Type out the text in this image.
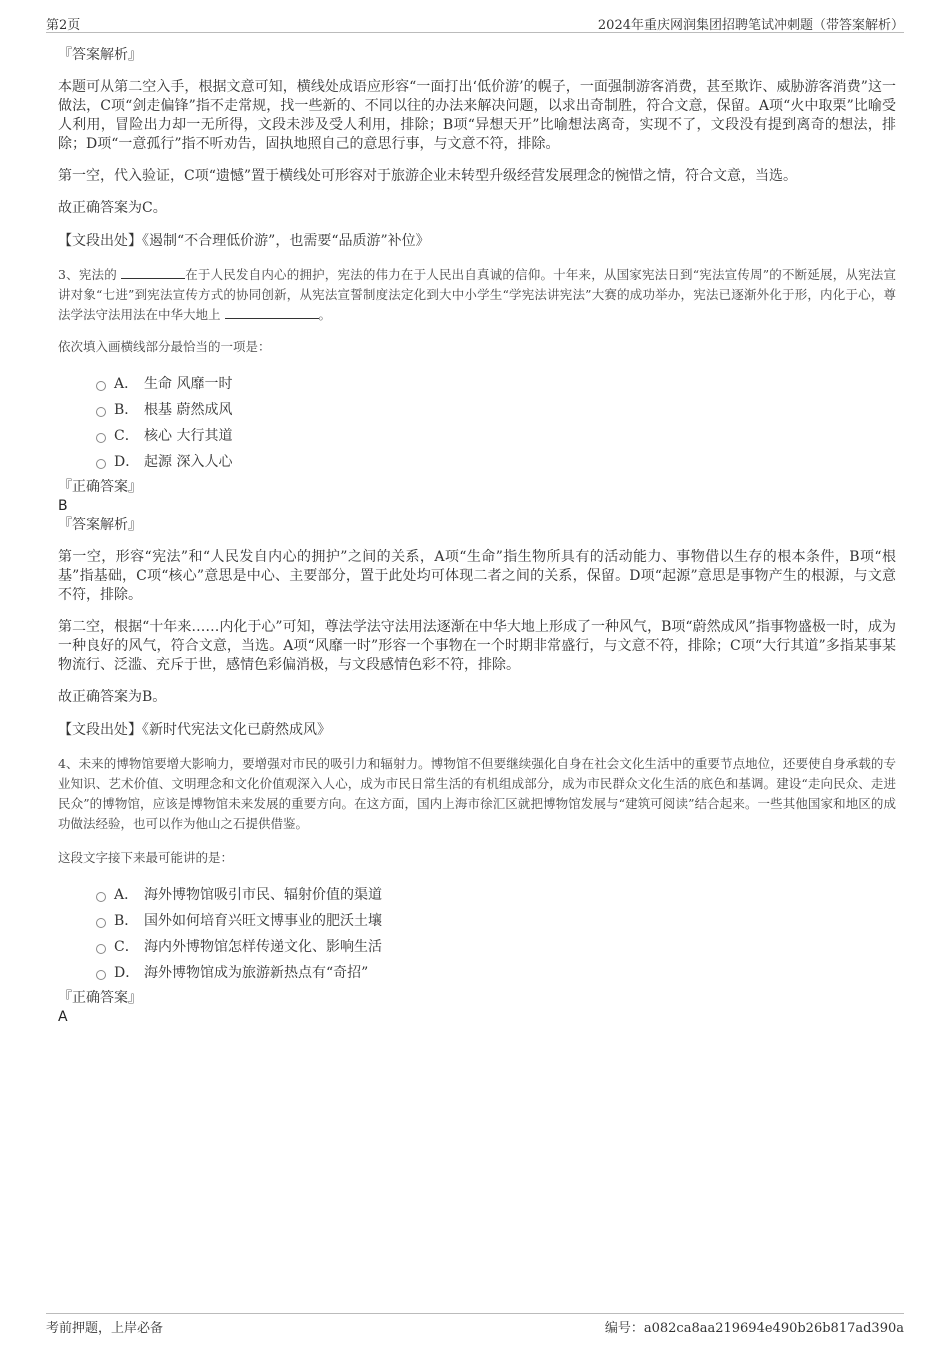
第2页	2024年重庆网润集团招聘笔试冲刺题（带答案解析）
『答案解析』

本题可从第二空入手，根据文意可知，横线处成语应形容“一面打出‘低价游’的幌子，一面强制游客消费，甚至欺诈、威胁游客消费”这一做法，C项“剑走偏锋”指不走常规，找一些新的、不同以往的办法来解决问题，以求出奇制胜，符合文意，保留。A项“火中取栗”比喻受人利用，冒险出力却一无所得，文段未涉及受人利用，排除；B项“异想天开”比喻想法离奇，实现不了，文段没有提到离奇的想法，排除；D项“一意孤行”指不听劝告，固执地照自己的意思行事，与文意不符，排除。

第一空，代入验证，C项“遗憾”置于横线处可形容对于旅游企业未转型升级经营发展理念的惋惜之情，符合文意，当选。

故正确答案为C。

【文段出处】《遏制“不合理低价游”，也需要“品质游”补位》

3、宪法的	在于人民发自内心的拥护，宪法的伟力在于人民出自真诚的信仰。十年来，从国家宪法日到“宪法宣传周”的不断延展，从宪法宣讲对象“七进”到宪法宣传方式的协同创新，从宪法宣誓制度法定化到大中小学生“学宪法讲宪法”大赛的成功举办，宪法已逐渐外化于形，内化于心，尊法学法守法用法在中华大地上	。

依次填入画横线部分最恰当的一项是：

A． 生命 风靡一时
B． 根基 蔚然成风
C． 核心 大行其道
D． 起源 深入人心
『正确答案』
B
『答案解析』

第一空，形容“宪法”和“人民发自内心的拥护”之间的关系，A项“生命”指生物所具有的活动能力、事物借以生存的根本条件，B项“根基”指基础，C项“核心”意思是中心、主要部分，置于此处均可体现二者之间的关系，保留。D项“起源”意思是事物产生的根源，与文意不符，排除。

第二空，根据“十年来……内化于心”可知，尊法学法守法用法逐渐在中华大地上形成了一种风气，B项“蔚然成风”指事物盛极一时，成为一种良好的风气，符合文意，当选。A项“风靡一时”形容一个事物在一个时期非常盛行，与文意不符，排除；C项“大行其道”多指某事某物流行、泛滥、充斥于世，感情色彩偏消极，与文段感情色彩不符，排除。

故正确答案为B。

【文段出处】《新时代宪法文化已蔚然成风》

4、未来的博物馆要增大影响力，要增强对市民的吸引力和辐射力。博物馆不但要继续强化自身在社会文化生活中的重要节点地位，还要使自身承载的专业知识、艺术价值、文明理念和文化价值观深入人心，成为市民日常生活的有机组成部分，成为市民群众文化生活的底色和基调。建设“走向民众、走进民众”的博物馆，应该是博物馆未来发展的重要方向。在这方面，国内上海市徐汇区就把博物馆发展与“建筑可阅读”结合起来。一些其他国家和地区的成功做法经验，也可以作为他山之石提供借鉴。

这段文字接下来最可能讲的是：

A． 海外博物馆吸引市民、辐射价值的渠道
B． 国外如何培育兴旺文博事业的肥沃土壤
C． 海内外博物馆怎样传递文化、影响生活
D． 海外博物馆成为旅游新热点有“奇招”
『正确答案』
A
考前押题，上岸必备	编号：a082ca8aa219694e490b26b817ad390a
